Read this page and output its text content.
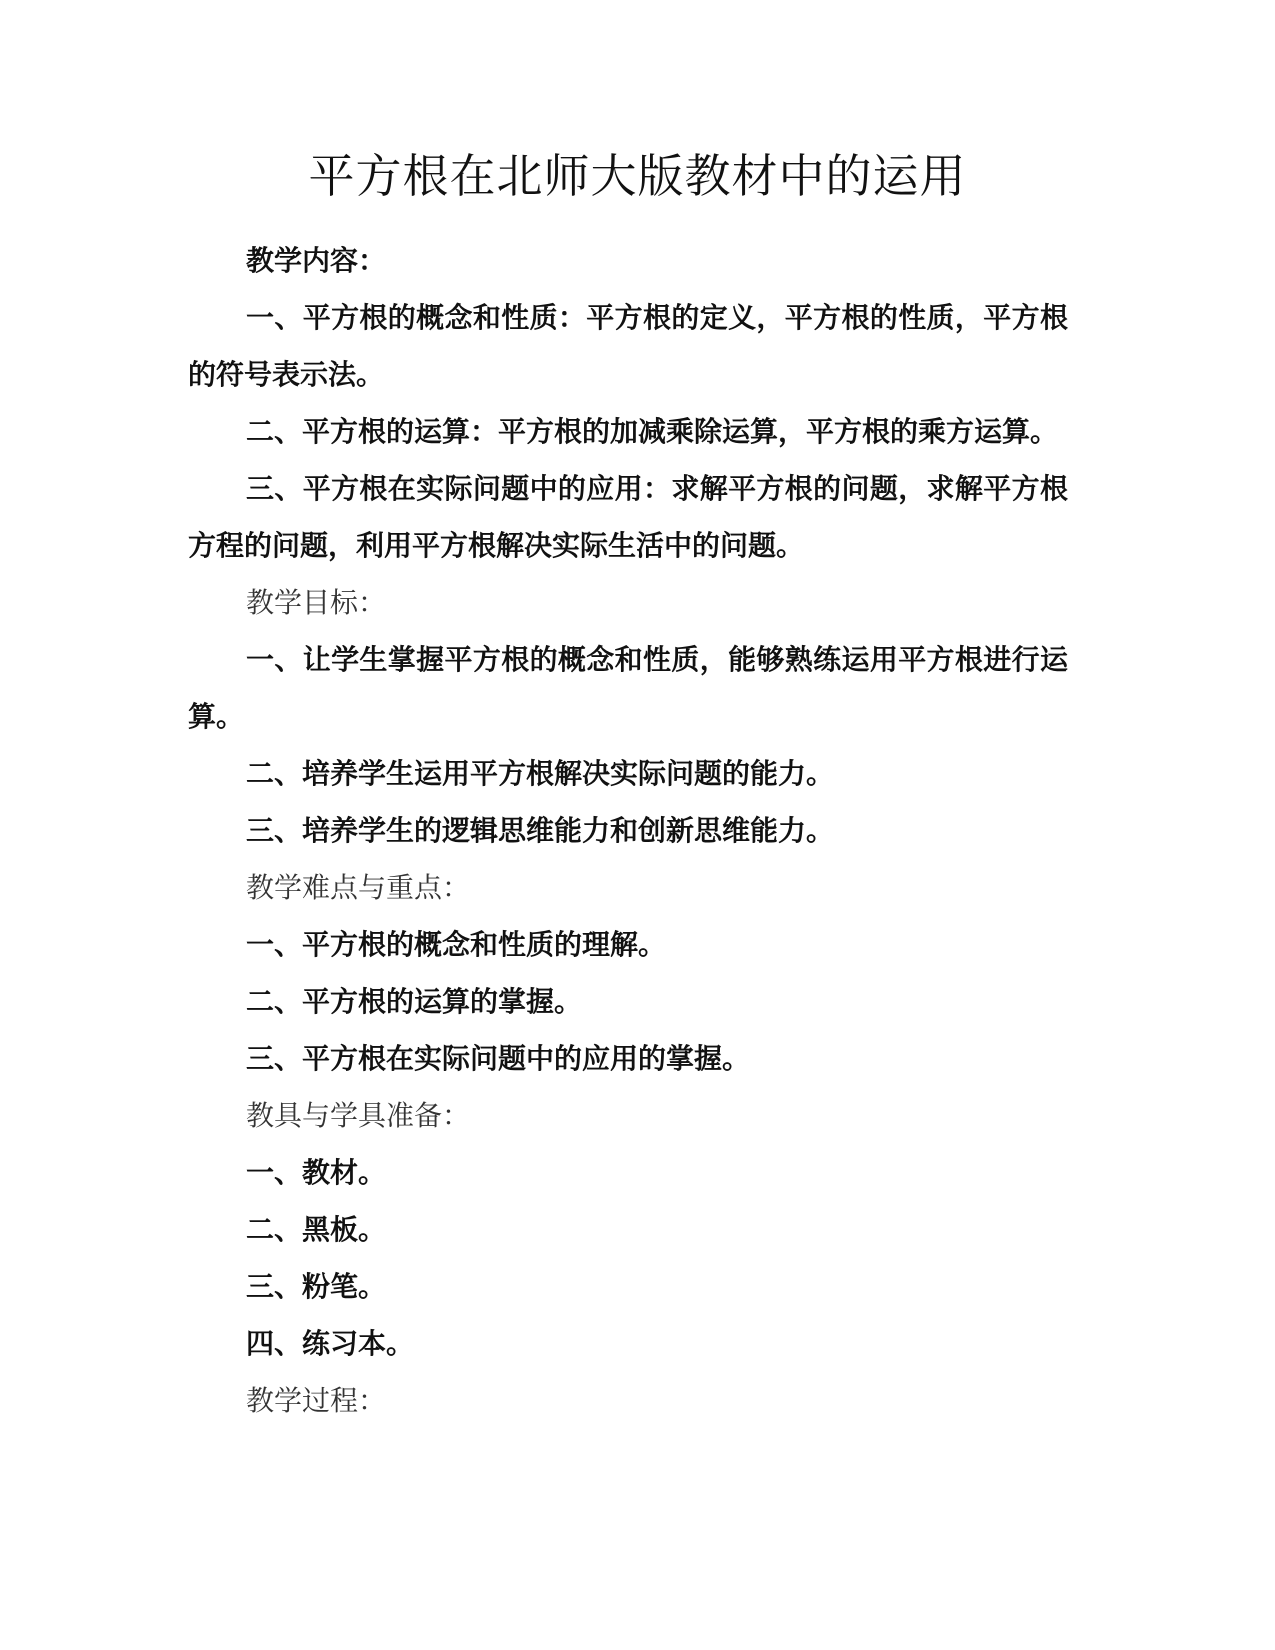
平方根在北师大版教材中的运用

教学内容：

一、平方根的概念和性质：平方根的定义，平方根的性质，平方根的符号表示法。

二、平方根的运算：平方根的加减乘除运算，平方根的乘方运算。

三、平方根在实际问题中的应用：求解平方根的问题，求解平方根方程的问题，利用平方根解决实际生活中的问题。

教学目标：

一、让学生掌握平方根的概念和性质，能够熟练运用平方根进行运算。

二、培养学生运用平方根解决实际问题的能力。

三、培养学生的逻辑思维能力和创新思维能力。

教学难点与重点：

一、平方根的概念和性质的理解。

二、平方根的运算的掌握。

三、平方根在实际问题中的应用的掌握。

教具与学具准备：

一、教材。

二、黑板。

三、粉笔。

四、练习本。

教学过程：
